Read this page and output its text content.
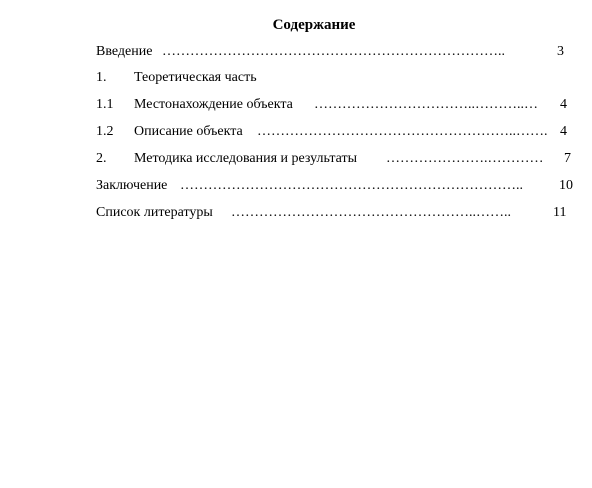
Содержание
Введение ………………………………………………………………..	3
1. Теоретическая часть
1.1 Местонахождение объекта ……………………………..………..…	4
1.2 Описание объекта ………………………………………………..……. 4
2. Методика исследования и результаты ………………….…………	7
Заключение ………………………………………………………………..	10
Список литературы ……………………………………………..……..	11
